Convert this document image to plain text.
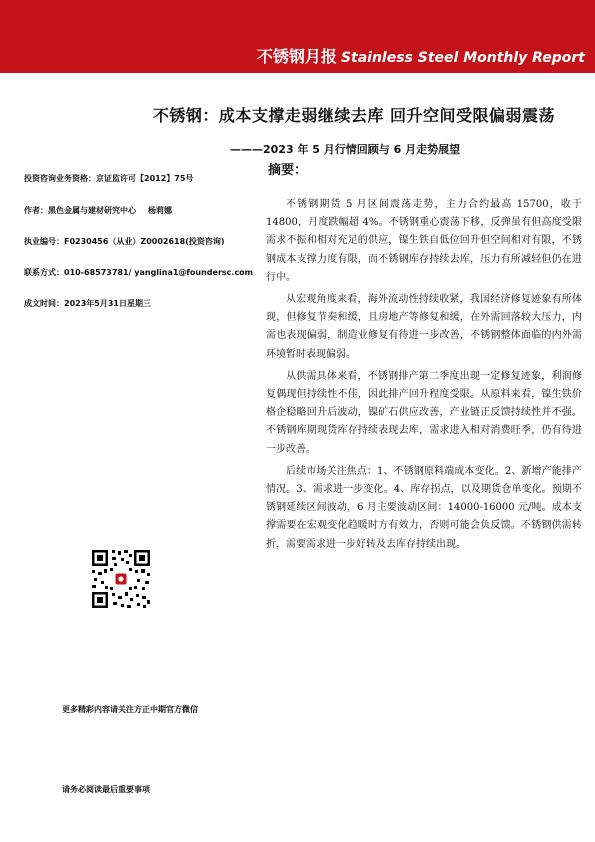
不锈钢月报 Stainless Steel Monthly Report
不锈钢：成本支撑走弱继续去库 回升空间受限偏弱震荡
———2023 年 5 月行情回顾与 6 月走势展望
摘要：
投资咨询业务资格：京证监许可【2012】75号
作者：黑色金属与建材研究中心 杨莉娜
执业编号：F0230456（从业）Z0002618(投资咨询)
联系方式：010-68573781/ yanglina1@foundersc.com
成文时间：2023年5月31日星期三

不锈钢期货 5 月区间震荡走势，主力合约最高 15700，收于 14800，月度跌幅超 4%。不锈钢重心震荡下移，反弹虽有但高度受限需求不振和相对充足的供应，镍生铁自低位回升但空间相对有限，不锈钢成本支撑力度有限，而不锈钢库存持续去库，压力有所减轻但仍在进行中。

从宏观角度来看，海外流动性持续收紧，我国经济修复迹象有所体现，但修复节奏和缓，且房地产等修复和缓，在外需回落较大压力，内需也表现偏弱，制造业修复有待进一步改善，不锈钢整体面临的内外需环境暂时表现偏弱。

从供需具体来看，不锈钢排产第二季度出现一定修复迹象，利润修复偶现但持续性不佳，因此排产回升程度受限。从原料来看，镍生铁价格企稳略回升后波动，镍矿石供应改善，产业链正反馈持续性并不强。不锈钢库期现货库存持续表现去库，需求进入相对消费旺季，仍有待进一步改善。

后续市场关注焦点：1、不锈钢原料端成本变化。2、新增产能排产情况。3、需求进一步变化。4、库存拐点，以及期货仓单变化。预期不锈钢延续区间波动，6 月主要波动区间：14000-16000 元/吨。成本支撑需要在宏观变化趋暖时方有效力，否则可能会负反馈。不锈钢供需转折，需要需求进一步好转及去库存持续出现。

更多精彩内容请关注方正中期官方微信
请务必阅读最后重要事项
